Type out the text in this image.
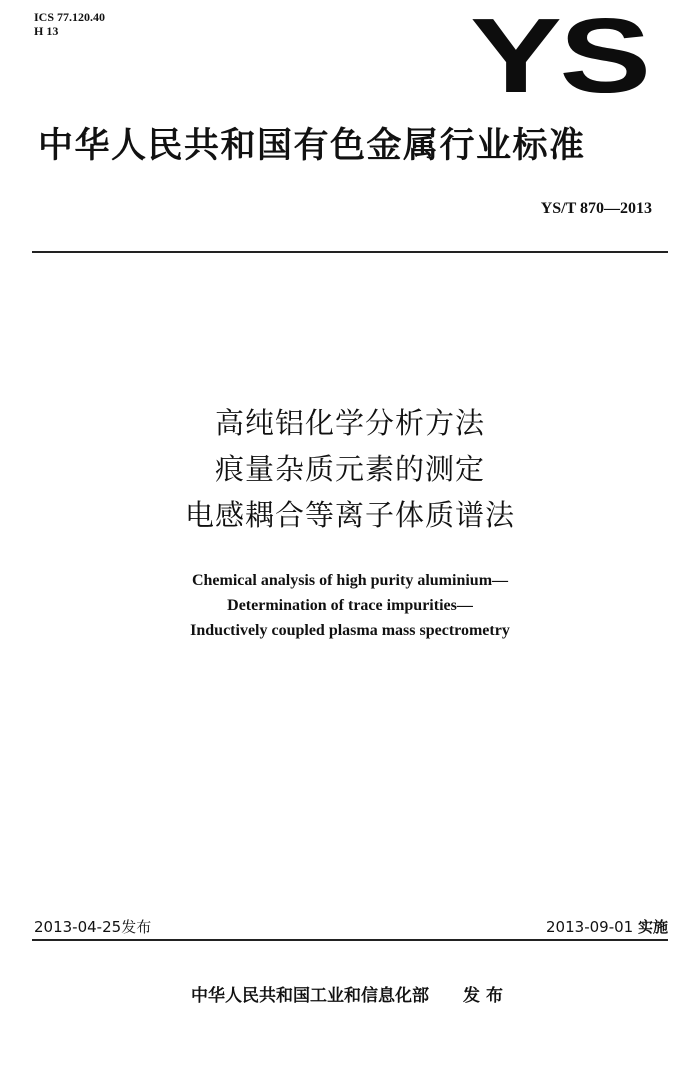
ICS 77.120.40
H 13	YS
中华人民共和国有色金属行业标准
YS/T 870—2013
高纯铝化学分析方法
痕量杂质元素的测定
电感耦合等离子体质谱法
Chemical analysis of high purity aluminium—
Determination of trace impurities—
Inductively coupled plasma mass spectrometry
2013-04-25发布	2013-09-01 实施
中华人民共和国工业和信息化部 发布
